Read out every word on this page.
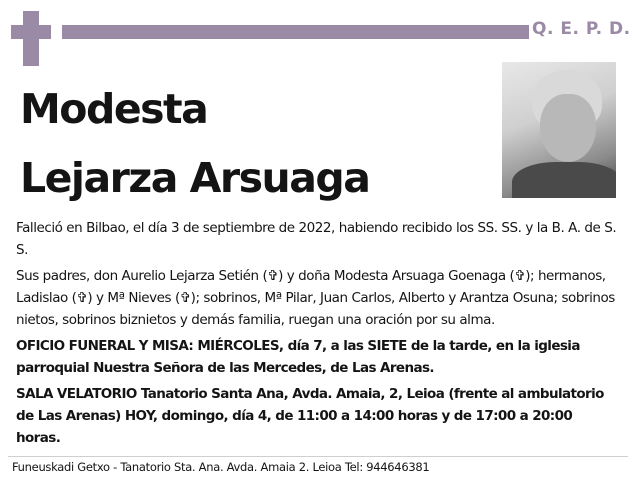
Q. E. P. D.
Modesta
Lejarza Arsuaga
Falleció en Bilbao, el día 3 de septiembre de 2022, habiendo recibido los SS. SS. y la B. A. de S. S.
Sus padres, don Aurelio Lejarza Setién (✞) y doña Modesta Arsuaga Goenaga (✞); hermanos, Ladislao (✞) y Mª Nieves (✞); sobrinos, Mª Pilar, Juan Carlos, Alberto y Arantza Osuna; sobrinos nietos, sobrinos biznietos y demás familia, ruegan una oración por su alma.
OFICIO FUNERAL Y MISA: MIÉRCOLES, día 7, a las SIETE de la tarde, en la iglesia parroquial Nuestra Señora de las Mercedes, de Las Arenas.
SALA VELATORIO Tanatorio Santa Ana, Avda. Amaia, 2, Leioa (frente al ambulatorio de Las Arenas) HOY, domingo, día 4, de 11:00 a 14:00 horas y de 17:00 a 20:00 horas.
Funeuskadi Getxo - Tanatorio Sta. Ana. Avda. Amaia 2. Leioa Tel: 944646381
